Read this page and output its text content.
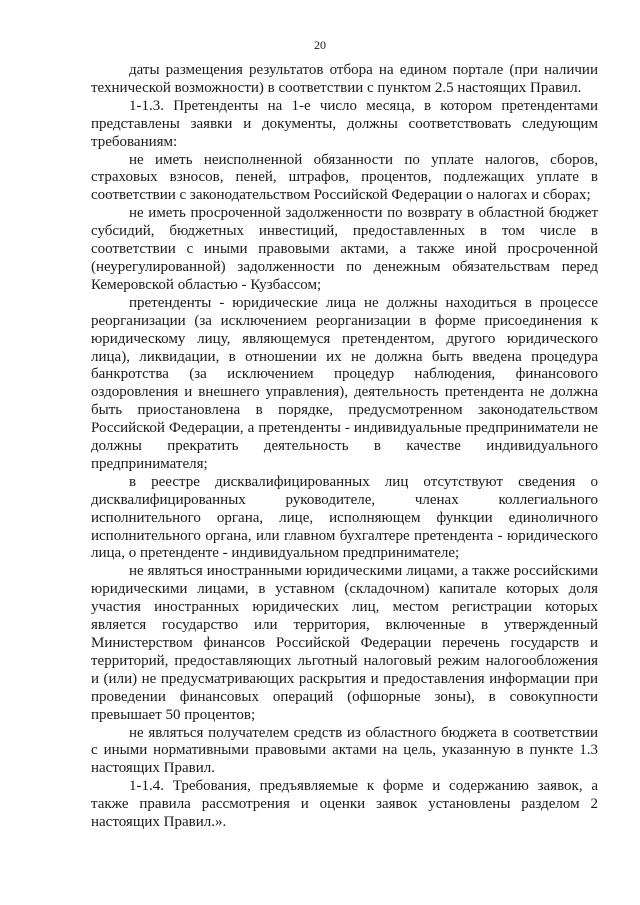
20

даты размещения результатов отбора на едином портале (при наличии технической возможности) в соответствии с пунктом 2.5 настоящих Правил.

1-1.3. Претенденты на 1-е число месяца, в котором претендентами представлены заявки и документы, должны соответствовать следующим требованиям:

не иметь неисполненной обязанности по уплате налогов, сборов, страховых взносов, пеней, штрафов, процентов, подлежащих уплате в соответствии с законодательством Российской Федерации о налогах и сборах;

не иметь просроченной задолженности по возврату в областной бюджет субсидий, бюджетных инвестиций, предоставленных в том числе в соответствии с иными правовыми актами, а также иной просроченной (неурегулированной) задолженности по денежным обязательствам перед Кемеровской областью - Кузбассом;

претенденты - юридические лица не должны находиться в процессе реорганизации (за исключением реорганизации в форме присоединения к юридическому лицу, являющемуся претендентом, другого юридического лица), ликвидации, в отношении их не должна быть введена процедура банкротства (за исключением процедур наблюдения, финансового оздоровления и внешнего управления), деятельность претендента не должна быть приостановлена в порядке, предусмотренном законодательством Российской Федерации, а претенденты - индивидуальные предприниматели не должны прекратить деятельность в качестве индивидуального предпринимателя;

в реестре дисквалифицированных лиц отсутствуют сведения о дисквалифицированных руководителе, членах коллегиального исполнительного органа, лице, исполняющем функции единоличного исполнительного органа, или главном бухгалтере претендента - юридического лица, о претенденте - индивидуальном предпринимателе;

не являться иностранными юридическими лицами, а также российскими юридическими лицами, в уставном (складочном) капитале которых доля участия иностранных юридических лиц, местом регистрации которых является государство или территория, включенные в утвержденный Министерством финансов Российской Федерации перечень государств и территорий, предоставляющих льготный налоговый режим налогообложения и (или) не предусматривающих раскрытия и предоставления информации при проведении финансовых операций (офшорные зоны), в совокупности превышает 50 процентов;

не являться получателем средств из областного бюджета в соответствии с иными нормативными правовыми актами на цель, указанную в пункте 1.3 настоящих Правил.

1-1.4. Требования, предъявляемые к форме и содержанию заявок, а также правила рассмотрения и оценки заявок установлены разделом 2 настоящих Правил.».
